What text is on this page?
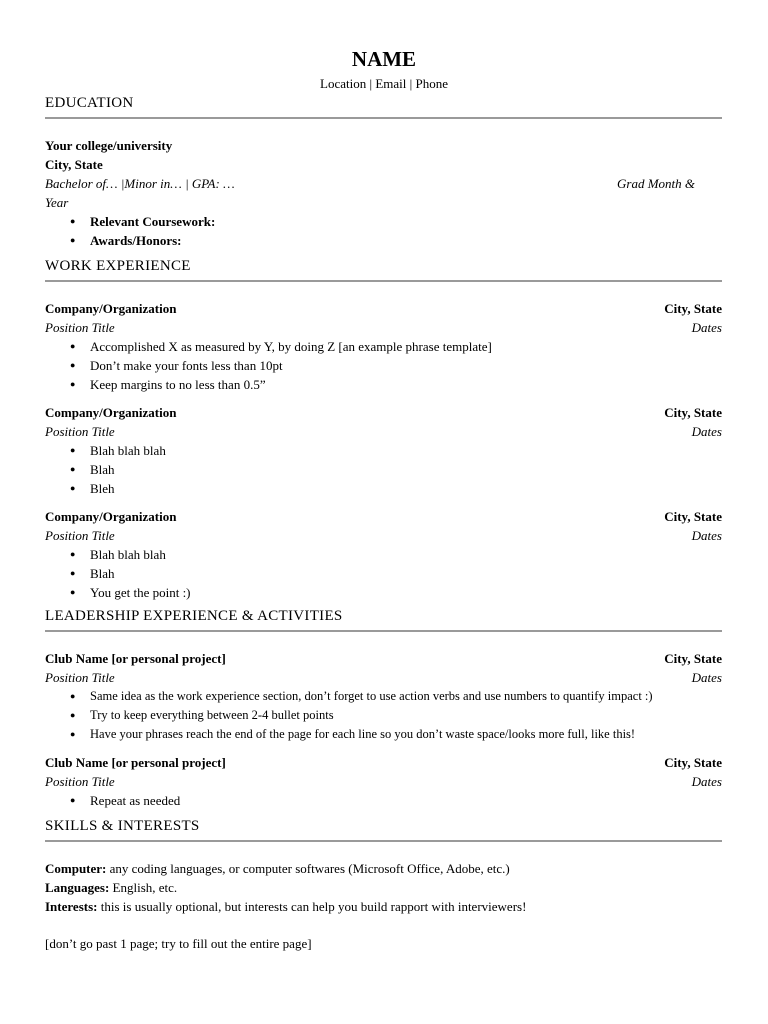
NAME
Location | Email | Phone
EDUCATION
Your college/university
City, State
Bachelor of… |Minor in… | GPA: …	Grad Month &
Year
● Relevant Coursework:
● Awards/Honors:
WORK EXPERIENCE
Company/Organization	City, State
Position Title	Dates
● Accomplished X as measured by Y, by doing Z [an example phrase template]
● Don’t make your fonts less than 10pt
● Keep margins to no less than 0.5”
Company/Organization	City, State
Position Title	Dates
● Blah blah blah
● Blah
● Bleh
Company/Organization	City, State
Position Title	Dates
● Blah blah blah
● Blah
● You get the point :)
LEADERSHIP EXPERIENCE & ACTIVITIES
Club Name [or personal project]	City, State
Position Title	Dates
● Same idea as the work experience section, don’t forget to use action verbs and use numbers to quantify impact :)
● Try to keep everything between 2-4 bullet points
● Have your phrases reach the end of the page for each line so you don’t waste space/looks more full, like this!
Club Name [or personal project]	City, State
Position Title	Dates
● Repeat as needed
SKILLS & INTERESTS
Computer: any coding languages, or computer softwares (Microsoft Office, Adobe, etc.)
Languages: English, etc.
Interests: this is usually optional, but interests can help you build rapport with interviewers!
[don’t go past 1 page; try to fill out the entire page]
